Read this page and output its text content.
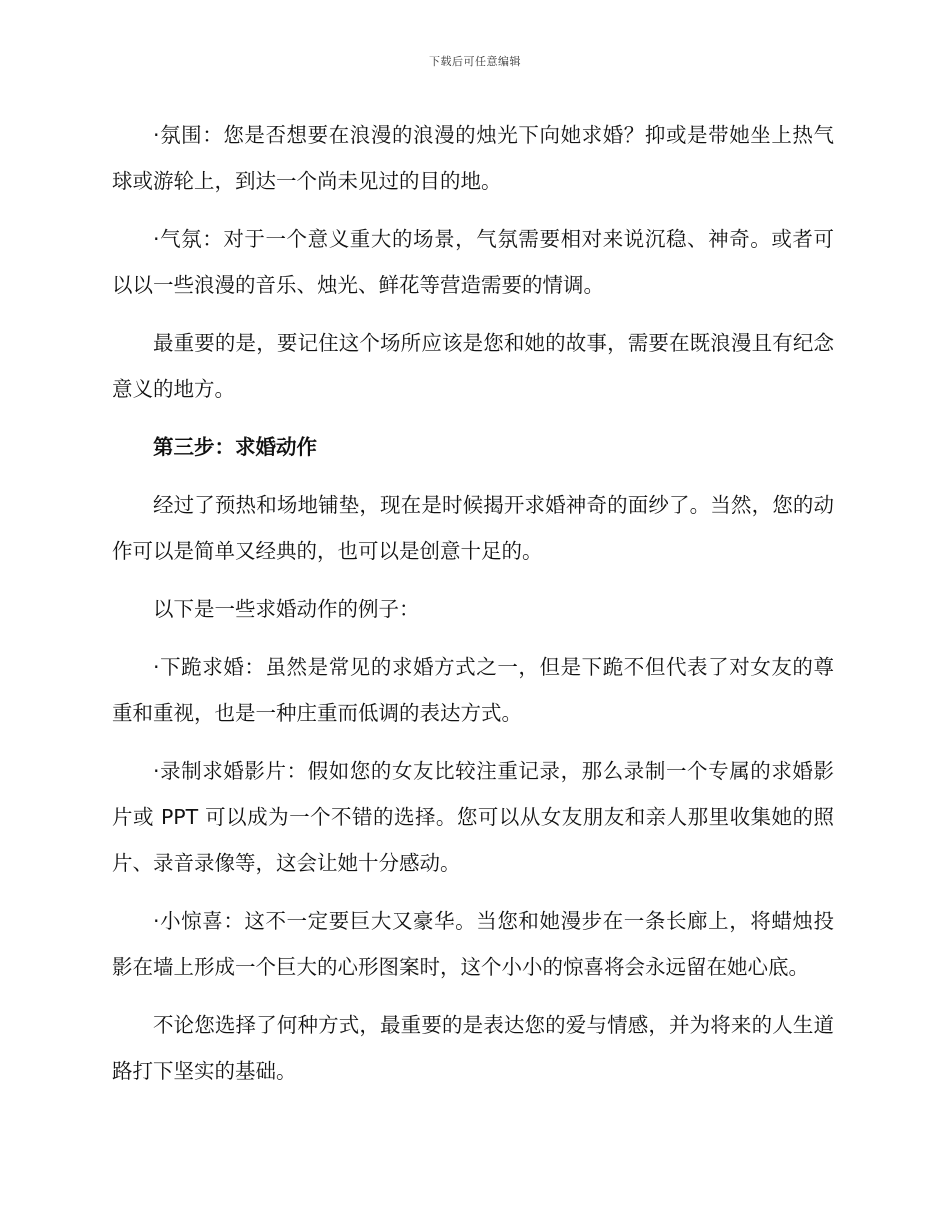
下载后可任意编辑

·氛围：您是否想要在浪漫的浪漫的烛光下向她求婚？抑或是带她坐上热气球或游轮上，到达一个尚未见过的目的地。

·气氛：对于一个意义重大的场景，气氛需要相对来说沉稳、神奇。或者可以以一些浪漫的音乐、烛光、鲜花等营造需要的情调。

最重要的是，要记住这个场所应该是您和她的故事，需要在既浪漫且有纪念意义的地方。

第三步：求婚动作

经过了预热和场地铺垫，现在是时候揭开求婚神奇的面纱了。当然，您的动作可以是简单又经典的，也可以是创意十足的。

以下是一些求婚动作的例子：

·下跪求婚：虽然是常见的求婚方式之一，但是下跪不但代表了对女友的尊重和重视，也是一种庄重而低调的表达方式。

·录制求婚影片：假如您的女友比较注重记录，那么录制一个专属的求婚影片或 PPT 可以成为一个不错的选择。您可以从女友朋友和亲人那里收集她的照片、录音录像等，这会让她十分感动。

·小惊喜：这不一定要巨大又豪华。当您和她漫步在一条长廊上，将蜡烛投影在墙上形成一个巨大的心形图案时，这个小小的惊喜将会永远留在她心底。

不论您选择了何种方式，最重要的是表达您的爱与情感，并为将来的人生道路打下坚实的基础。
